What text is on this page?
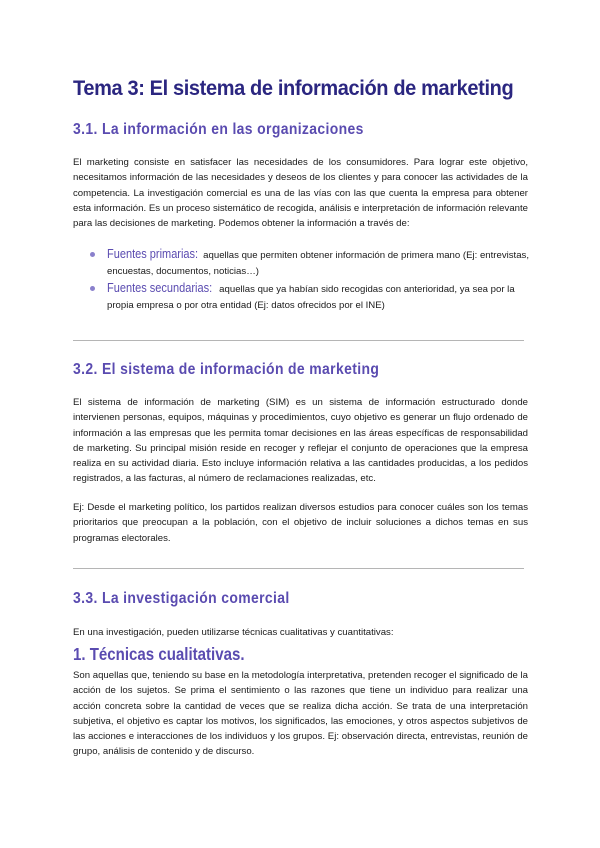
Tema 3: El sistema de información de marketing
3.1. La información en las organizaciones

El marketing consiste en satisfacer las necesidades de los consumidores. Para lograr este objetivo, necesitamos información de las necesidades y deseos de los clientes y para conocer las actividades de la competencia. La investigación comercial es una de las vías con las que cuenta la empresa para obtener esta información. Es un proceso sistemático de recogida, análisis e interpretación de información relevante para las decisiones de marketing. Podemos obtener la información a través de:

Fuentes primarias: aquellas que permiten obtener información de primera mano (Ej: entrevistas, encuestas, documentos, noticias…)
Fuentes secundarias: aquellas que ya habían sido recogidas con anterioridad, ya sea por la propia empresa o por otra entidad (Ej: datos ofrecidos por el INE)
3.2. El sistema de información de marketing

El sistema de información de marketing (SIM) es un sistema de información estructurado donde intervienen personas, equipos, máquinas y procedimientos, cuyo objetivo es generar un flujo ordenado de información a las empresas que les permita tomar decisiones en las áreas específicas de responsabilidad de marketing. Su principal misión reside en recoger y reflejar el conjunto de operaciones que la empresa realiza en su actividad diaria. Esto incluye información relativa a las cantidades producidas, a los pedidos registrados, a las facturas, al número de reclamaciones realizadas, etc.

Ej: Desde el marketing político, los partidos realizan diversos estudios para conocer cuáles son los temas prioritarios que preocupan a la población, con el objetivo de incluir soluciones a dichos temas en sus programas electorales.

3.3. La investigación comercial

En una investigación, pueden utilizarse técnicas cualitativas y cuantitativas:

1. Técnicas cualitativas.

Son aquellas que, teniendo su base en la metodología interpretativa, pretenden recoger el significado de la acción de los sujetos. Se prima el sentimiento o las razones que tiene un individuo para realizar una acción concreta sobre la cantidad de veces que se realiza dicha acción. Se trata de una interpretación subjetiva, el objetivo es captar los motivos, los significados, las emociones, y otros aspectos subjetivos de las acciones e interacciones de los individuos y los grupos. Ej: observación directa, entrevistas, reunión de grupo, análisis de contenido y de discurso.
